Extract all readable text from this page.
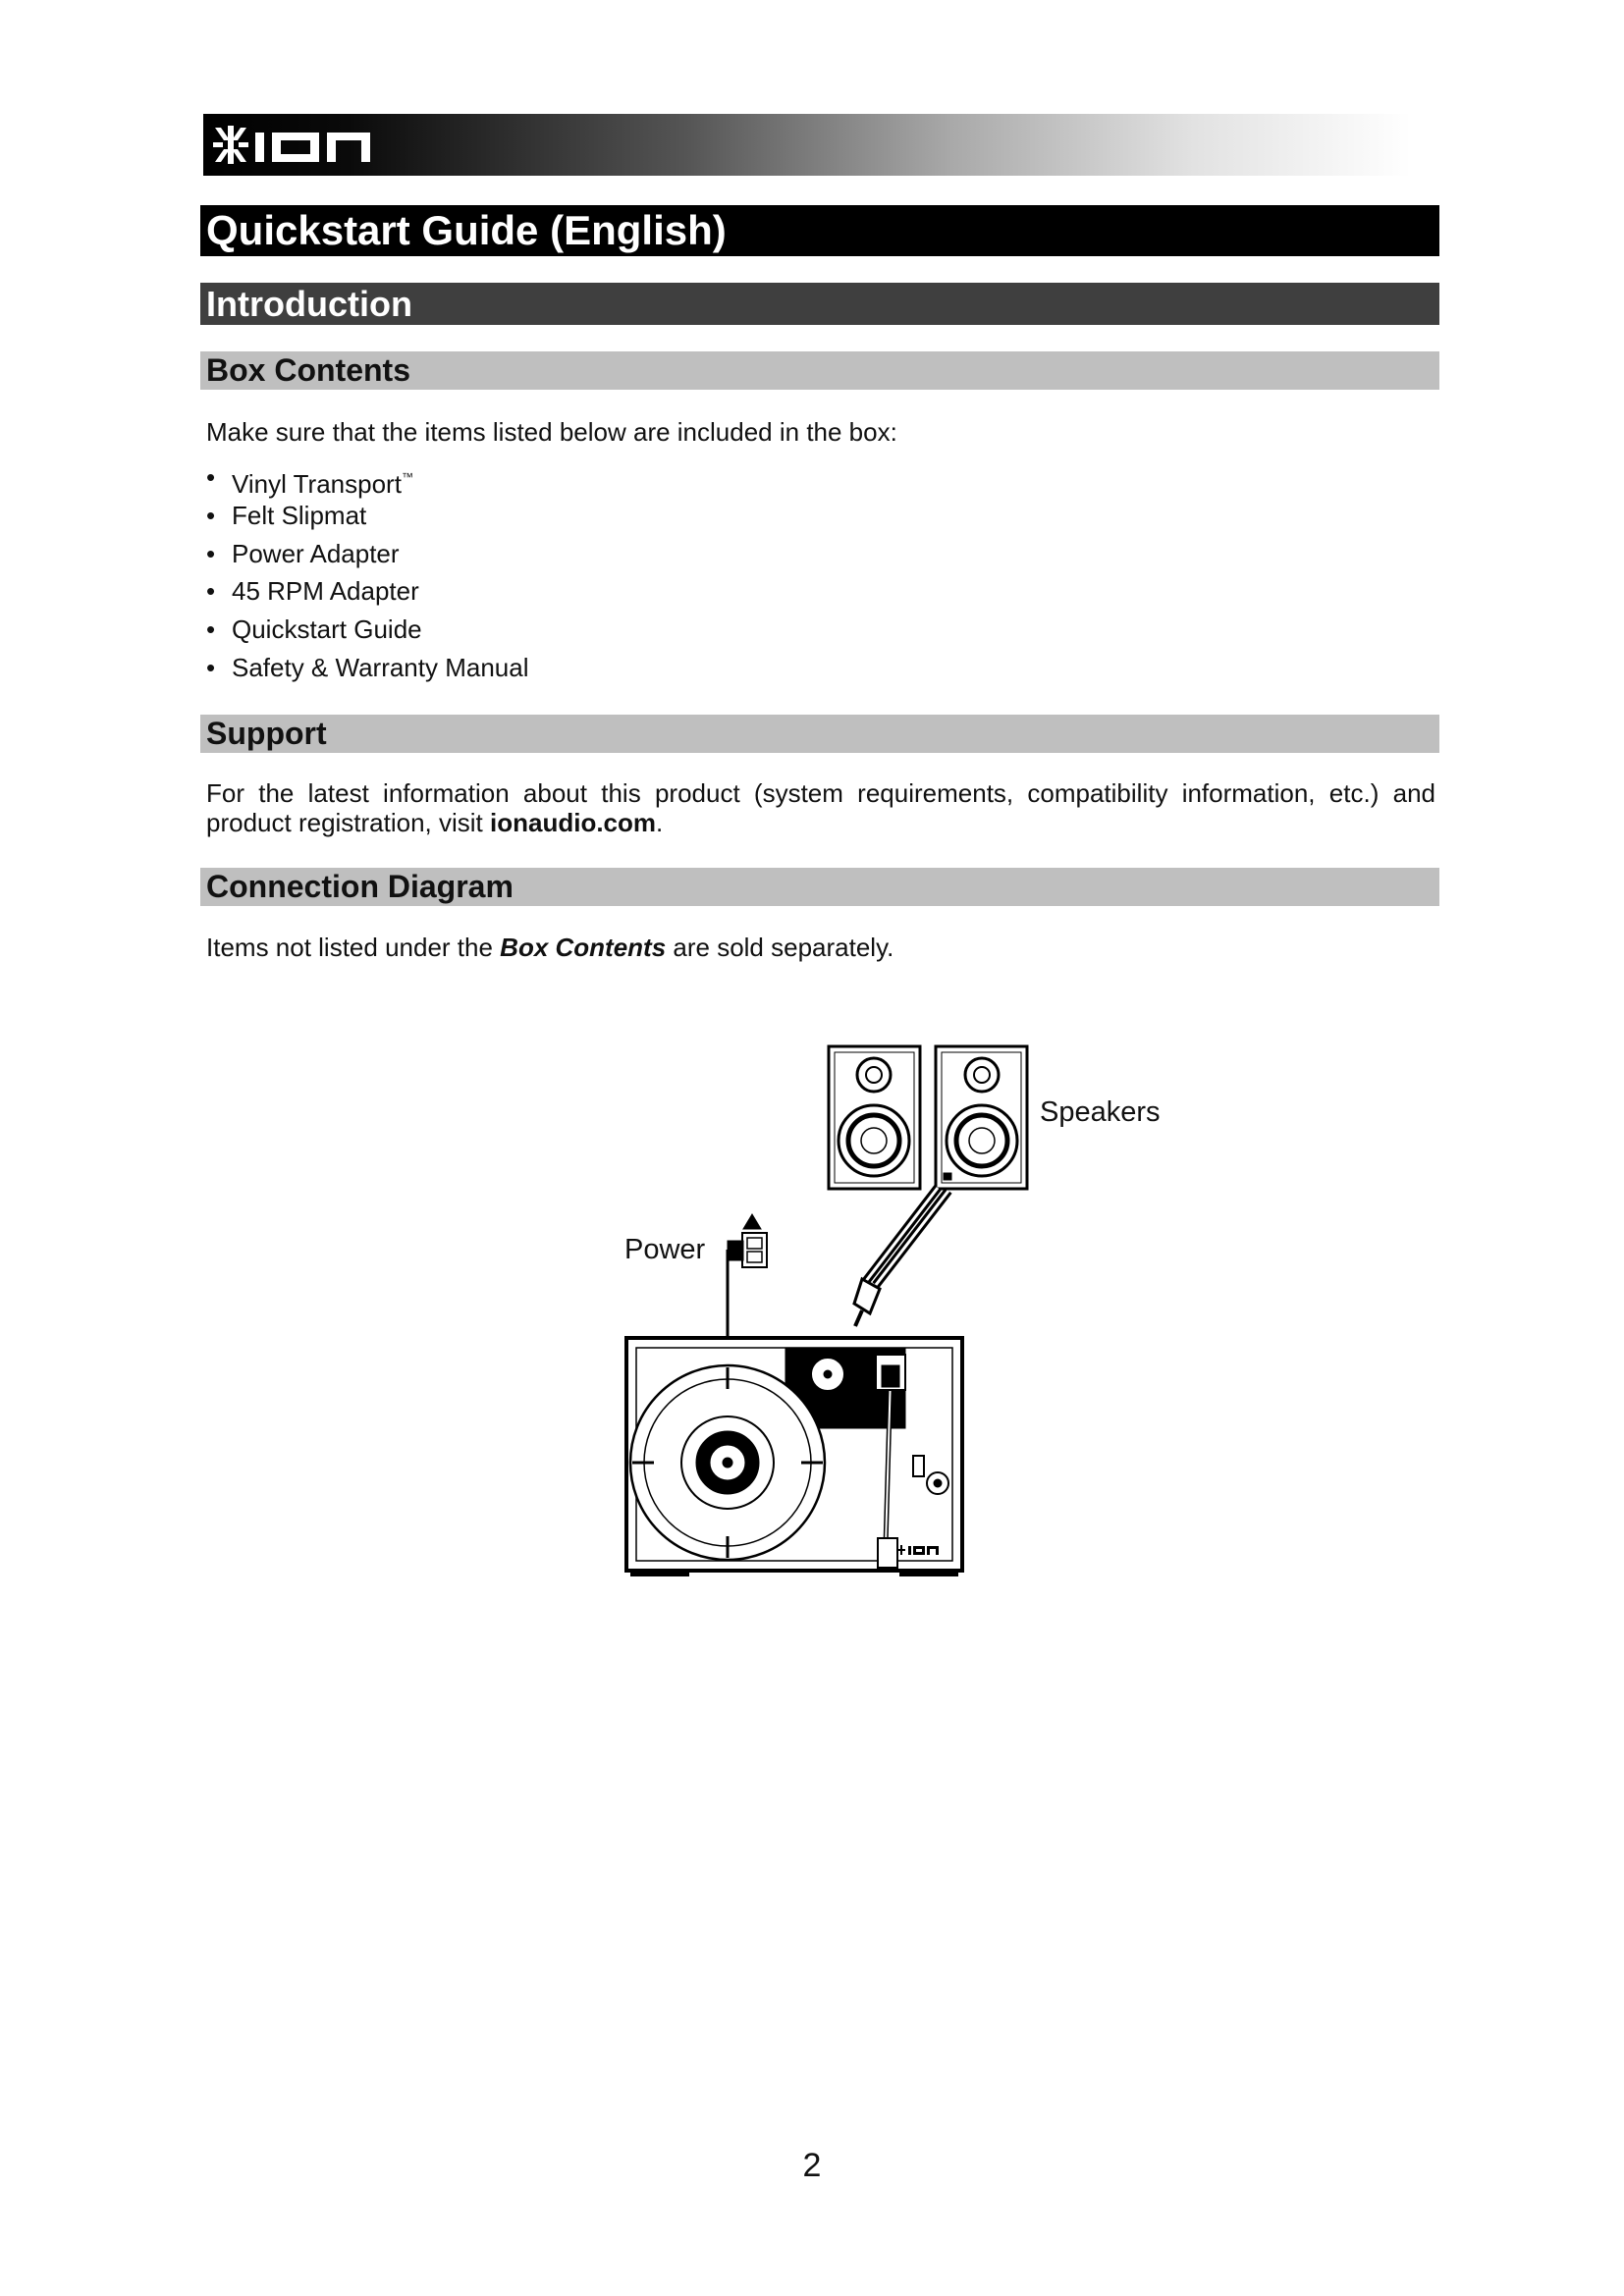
Quickstart Guide (English)
Introduction
Box Contents
Make sure that the items listed below are included in the box:
• Vinyl Transport™
• Felt Slipmat
• Power Adapter
• 45 RPM Adapter
• Quickstart Guide
• Safety & Warranty Manual
Support
For the latest information about this product (system requirements, compatibility information, etc.) and product registration, visit ionaudio.com.
Connection Diagram
Items not listed under the Box Contents are sold separately.
Speakers
Power
2
